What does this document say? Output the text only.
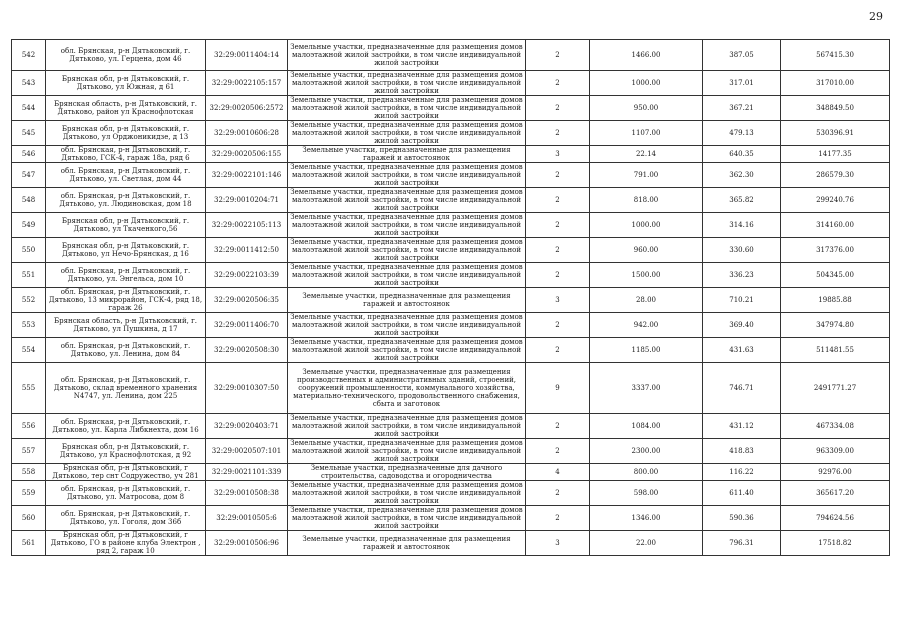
29
542	обл. Брянская, р-н Дятьковский, г. Дятьково, ул. Герцена, дом 46	32:29:0011404:14	Земельные участки, предназначенные для размещения домов малоэтажной жилой застройки, в том числе индивидуальной жилой застройки	2	1466.00	387.05	567415.30
543	Брянская обл, р-н Дятьковский, г. Дятьково, ул Южная, д 61	32:29:0022105:157	Земельные участки, предназначенные для размещения домов малоэтажной жилой застройки, в том числе индивидуальной жилой застройки	2	1000.00	317.01	317010.00
544	Брянская область, р-н Дятьковский, г. Дятьково, район ул Краснофлотская	32:29:0020506:2572	Земельные участки, предназначенные для размещения домов малоэтажной жилой застройки, в том числе индивидуальной жилой застройки	2	950.00	367.21	348849.50
545	Брянская обл, р-н Дятьковский, г. Дятьково, ул Орджоникидзе, д 13	32:29:0010606:28	Земельные участки, предназначенные для размещения домов малоэтажной жилой застройки, в том числе индивидуальной жилой застройки	2	1107.00	479.13	530396.91
546	обл. Брянская, р-н Дятьковский, г. Дятьково, ГСК-4, гараж 18а, ряд 6	32:29:0020506:155	Земельные участки, предназначенные для размещения гаражей и автостоянок	3	22.14	640.35	14177.35
547	обл. Брянская, р-н Дятьковский, г. Дятьково, ул. Светлая, дом 44	32:29:0022101:146	Земельные участки, предназначенные для размещения домов малоэтажной жилой застройки, в том числе индивидуальной жилой застройки	2	791.00	362.30	286579.30
548	обл. Брянская, р-н Дятьковский, г. Дятьково, ул. Людиновская, дом 18	32:29:0010204:71	Земельные участки, предназначенные для размещения домов малоэтажной жилой застройки, в том числе индивидуальной жилой застройки	2	818.00	365.82	299240.76
549	Брянская обл, р-н Дятьковский, г. Дятьково, ул Ткаченкого,56	32:29:0022105:113	Земельные участки, предназначенные для размещения домов малоэтажной жилой застройки, в том числе индивидуальной жилой застройки	2	1000.00	314.16	314160.00
550	Брянская обл, р-н Дятьковский, г. Дятьково, ул Нечо-Брянская, д 16	32:29:0011412:50	Земельные участки, предназначенные для размещения домов малоэтажной жилой застройки, в том числе индивидуальной жилой застройки	2	960.00	330.60	317376.00
551	обл. Брянская, р-н Дятьковский, г. Дятьково, ул. Энгельса, дом 10	32:29:0022103:39	Земельные участки, предназначенные для размещения домов малоэтажной жилой застройки, в том числе индивидуальной жилой застройки	2	1500.00	336.23	504345.00
552	обл. Брянская, р-н Дятьковский, г. Дятьково, 13 микрорайон, ГСК-4, ряд 18, гараж 26	32:29:0020506:35	Земельные участки, предназначенные для размещения гаражей и автостоянок	3	28.00	710.21	19885.88
553	Брянская область, р-н Дятьковский, г. Дятьково, ул Пушкина, д 17	32:29:0011406:70	Земельные участки, предназначенные для размещения домов малоэтажной жилой застройки, в том числе индивидуальной жилой застройки	2	942.00	369.40	347974.80
554	обл. Брянская, р-н Дятьковский, г. Дятьково, ул. Ленина, дом 84	32:29:0020508:30	Земельные участки, предназначенные для размещения домов малоэтажной жилой застройки, в том числе индивидуальной жилой застройки	2	1185.00	431.63	511481.55
555	обл. Брянская, р-н Дятьковский, г. Дятьково, склад временного хранения N4747, ул. Ленина, дом 225	32:29:0010307:50	Земельные участки, предназначенные для размещения производственных и административных зданий, строений, сооружений промышленности, коммунального хозяйства, материально-технического, продовольственного снабжения, сбыта и заготовок	9	3337.00	746.71	2491771.27
556	обл. Брянская, р-н Дятьковский, г. Дятьково, ул. Карла Либкнехта, дом 16	32:29:0020403:71	Земельные участки, предназначенные для размещения домов малоэтажной жилой застройки, в том числе индивидуальной жилой застройки	2	1084.00	431.12	467334.08
557	Брянская обл, р-н Дятьковский, г. Дятьково, ул Краснофлотская, д 92	32:29:0020507:101	Земельные участки, предназначенные для размещения домов малоэтажной жилой застройки, в том числе индивидуальной жилой застройки	2	2300.00	418.83	963309.00
558	Брянская обл, р-н Дятьковский, г Дятьково, тер снт Содружество, уч 281	32:29:0021101:339	Земельные участки, предназначенные для дачного строительства, садоводства и огородничества	4	800.00	116.22	92976.00
559	обл. Брянская, р-н Дятьковский, г. Дятьково, ул. Матросова, дом 8	32:29:0010508:38	Земельные участки, предназначенные для размещения домов малоэтажной жилой застройки, в том числе индивидуальной жилой застройки	2	598.00	611.40	365617.20
560	обл. Брянская, р-н Дятьковский, г. Дятьково, ул. Гоголя, дом 36б	32:29:0010505:6	Земельные участки, предназначенные для размещения домов малоэтажной жилой застройки, в том числе индивидуальной жилой застройки	2	1346.00	590.36	794624.56
561	Брянская обл, р-н Дятьковский, г Дятьково, ГО в районе клуба Электрон , ряд 2, гараж 10	32:29:0010506:96	Земельные участки, предназначенные для размещения гаражей и автостоянок	3	22.00	796.31	17518.82
